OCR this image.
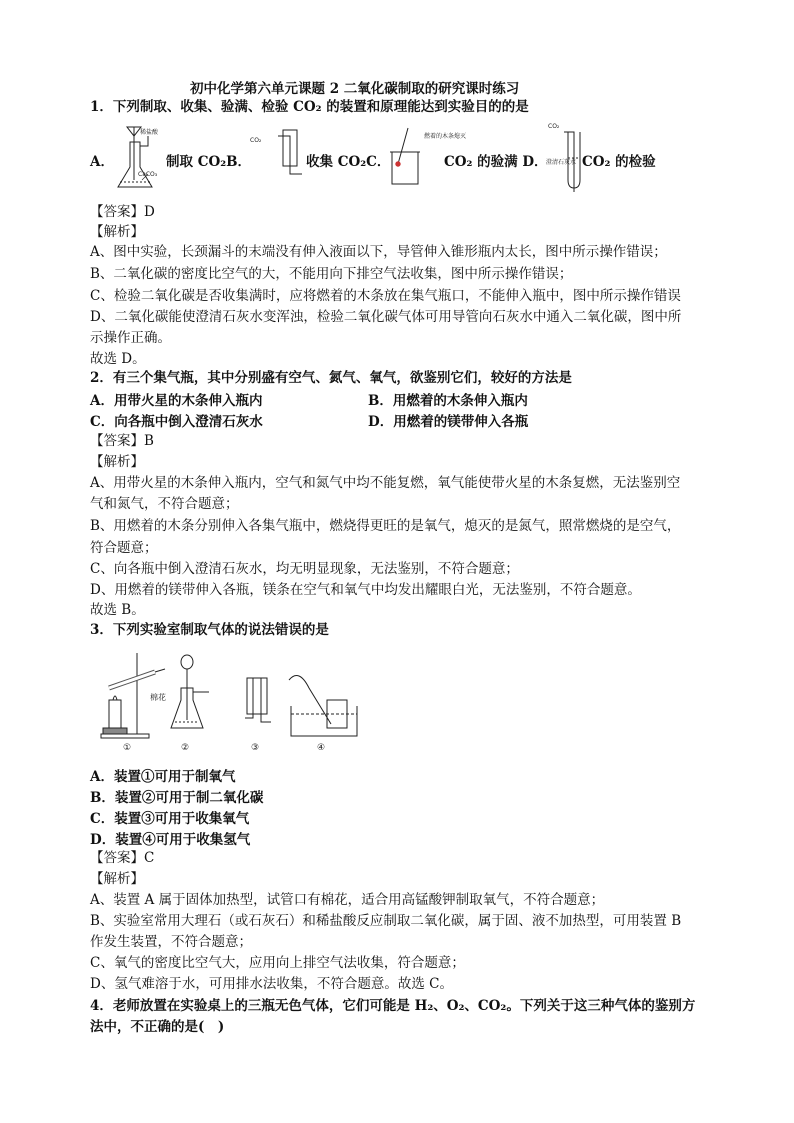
初中化学第六单元课题 2 二氧化碳制取的研究课时练习
1．下列制取、收集、验满、检验 CO₂ 的装置和原理能达到实验目的的是
稀盐酸
CaCO₃
CO₂
燃着的木条熄灭
CO₂
澄清石灰水
A．	制取 CO₂B．	收集 CO₂C．	CO₂ 的验满 D．	CO₂ 的检验
【答案】D
【解析】
A、图中实验，长颈漏斗的末端没有伸入液面以下，导管伸入锥形瓶内太长，图中所示操作错误；
B、二氧化碳的密度比空气的大，不能用向下排空气法收集，图中所示操作错误；
C、检验二氧化碳是否收集满时，应将燃着的木条放在集气瓶口，不能伸入瓶中，图中所示操作错误
D、二氧化碳能使澄清石灰水变浑浊，检验二氧化碳气体可用导管向石灰水中通入二氧化碳，图中所
示操作正确。
故选 D。
2．有三个集气瓶，其中分别盛有空气、氮气、氧气，欲鉴别它们，较好的方法是
A．用带火星的木条伸入瓶内	B．用燃着的木条伸入瓶内
C．向各瓶中倒入澄清石灰水	D．用燃着的镁带伸入各瓶
【答案】B
【解析】
A、用带火星的木条伸入瓶内，空气和氮气中均不能复燃，氧气能使带火星的木条复燃，无法鉴别空
气和氮气，不符合题意；
B、用燃着的木条分别伸入各集气瓶中，燃烧得更旺的是氧气，熄灭的是氮气，照常燃烧的是空气，
符合题意；
C、向各瓶中倒入澄清石灰水，均无明显现象，无法鉴别，不符合题意；
D、用燃着的镁带伸入各瓶，镁条在空气和氧气中均发出耀眼白光，无法鉴别，不符合题意。
故选 B。
3．下列实验室制取气体的说法错误的是
棉花
①	②	③	④
A．装置①可用于制氧气
B．装置②可用于制二氧化碳
C．装置③可用于收集氧气
D．装置④可用于收集氢气
【答案】C
【解析】
A、装置 A 属于固体加热型，试管口有棉花，适合用高锰酸钾制取氧气，不符合题意；
B、实验室常用大理石（或石灰石）和稀盐酸反应制取二氧化碳，属于固、液不加热型，可用装置 B
作发生装置，不符合题意；
C、氧气的密度比空气大，应用向上排空气法收集，符合题意；
D、氢气难溶于水，可用排水法收集，不符合题意。故选 C。
4．老师放置在实验桌上的三瓶无色气体，它们可能是 H₂、O₂、CO₂。下列关于这三种气体的鉴别方
法中，不正确的是(　)
